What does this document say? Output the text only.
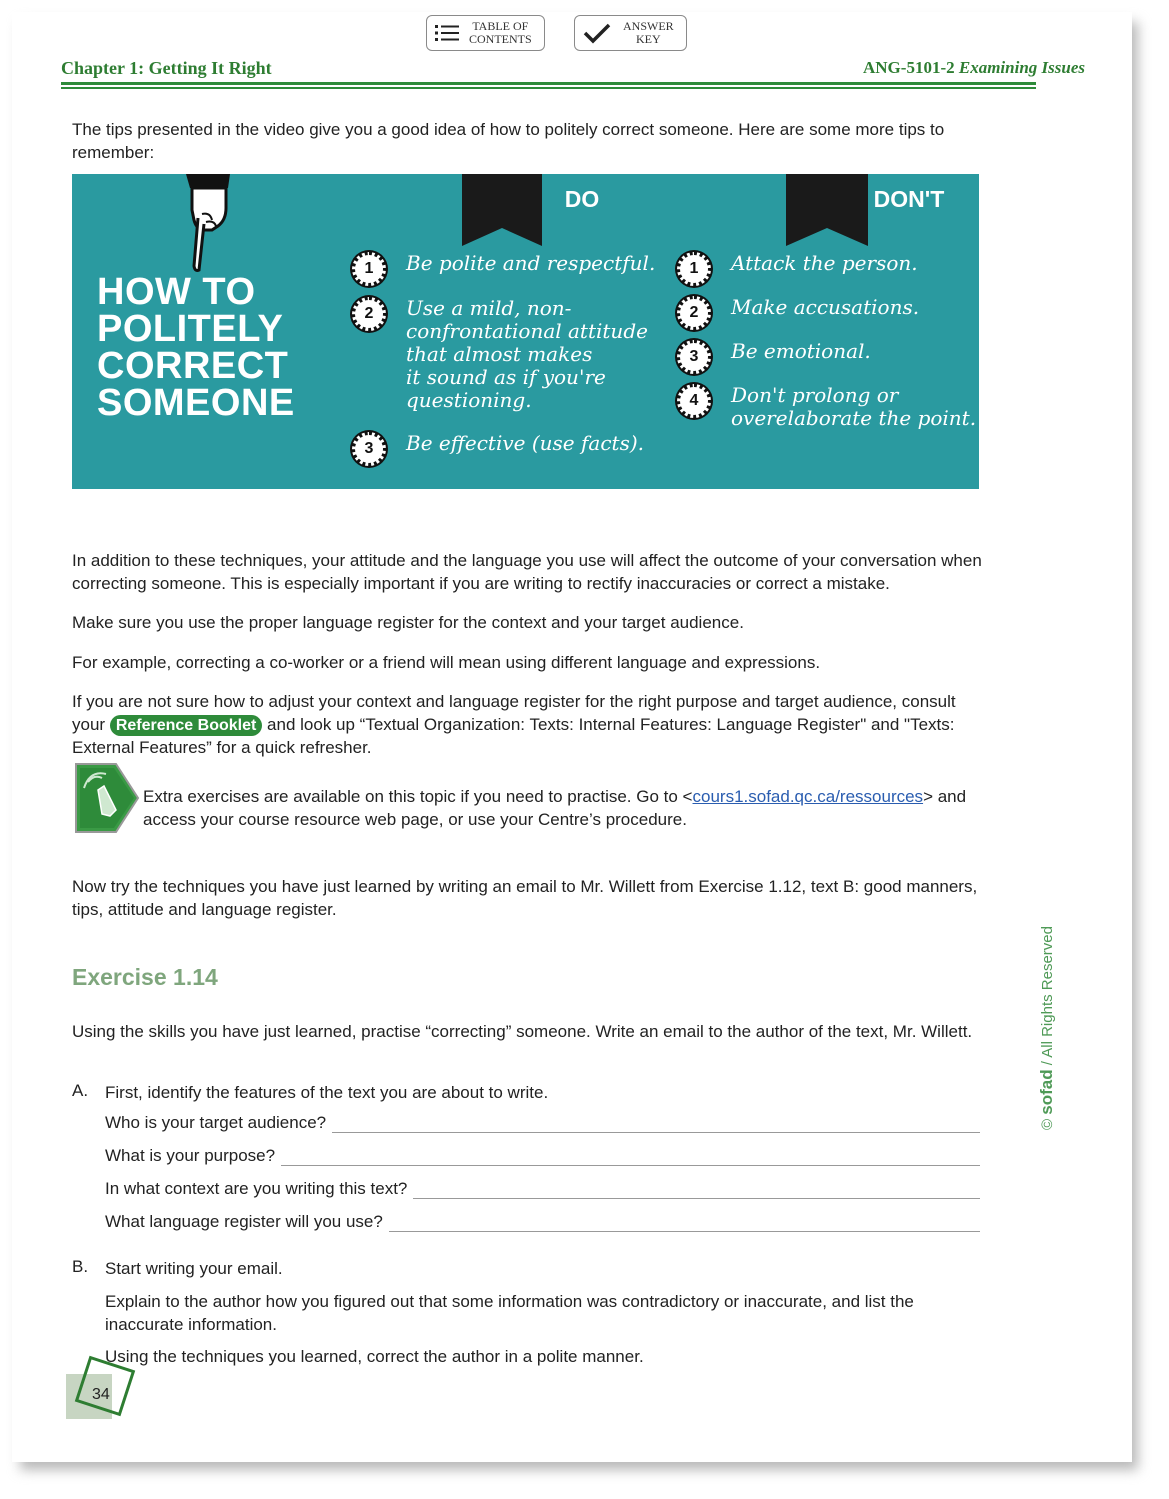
TABLE OF
CONTENTS
ANSWER
KEY
Chapter 1: Getting It Right	ANG-5101-2 Examining Issues

The tips presented in the video give you a good idea of how to politely correct someone. Here are some more tips to remember:

HOW TO
POLITELY
CORRECT
SOMEONE
DO	DON'T
1	Be polite and respectful.
2	Use a mild, non-
confrontational attitude
that almost makes
it sound as if you're
questioning.
3	Be effective (use facts).
1	Attack the person.
2	Make accusations.
3	Be emotional.
4	Don't prolong or
overelaborate the point.

In addition to these techniques, your attitude and the language you use will affect the outcome of your conversation when correcting someone. This is especially important if you are writing to rectify inaccuracies or correct a mistake.

Make sure you use the proper language register for the context and your target audience.

For example, correcting a co-worker or a friend will mean using different language and expressions.

If you are not sure how to adjust your context and language register for the right purpose and target audience, consult your Reference Booklet and look up “Textual Organization: Texts: Internal Features: Language Register" and "Texts: External Features” for a quick refresher.

Extra exercises are available on this topic if you need to practise. Go to <cours1.sofad.qc.ca/ressources> and access your course resource web page, or use your Centre’s procedure.

Now try the techniques you have just learned by writing an email to Mr. Willett from Exercise 1.12, text B: good manners, tips, attitude and language register.

Exercise 1.14

Using the skills you have just learned, practise “correcting” someone. Write an email to the author of the text, Mr. Willett.

A. First, identify the features of the text you are about to write.

Who is your target audience?
What is your purpose?
In what context are you writing this text?
What language register will you use?
B. Start writing your email.

Explain to the author how you figured out that some information was contradictory or inaccurate, and list the inaccurate information.

Using the techniques you learned, correct the author in a polite manner.

34
© sofad / All Rights Reserved
